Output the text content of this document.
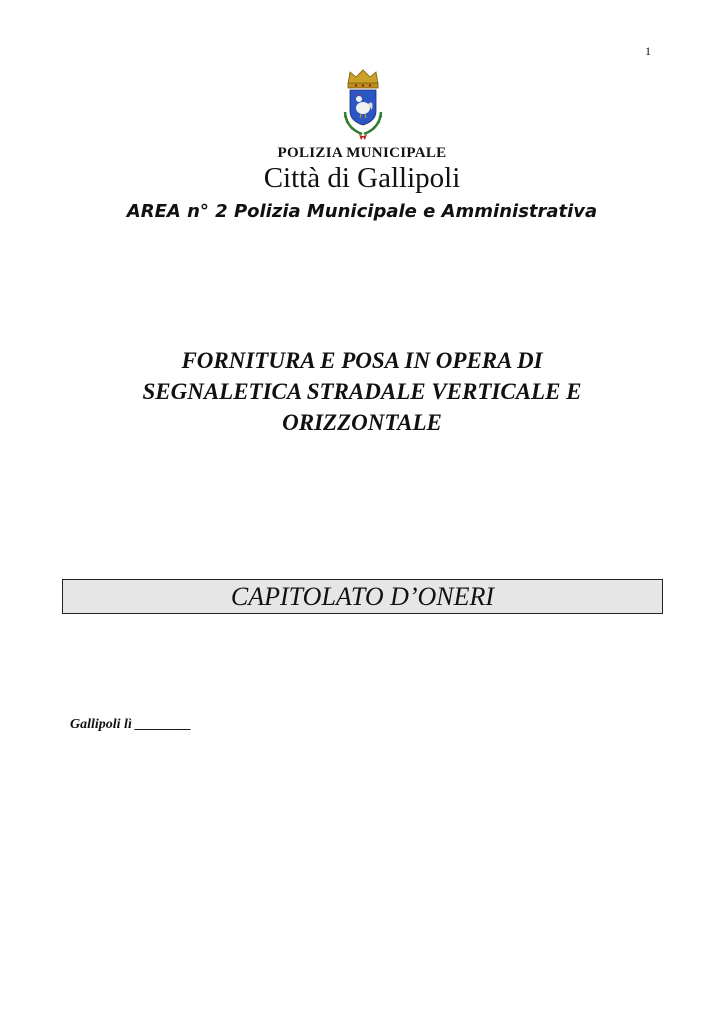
1
POLIZIA MUNICIPALE
Città di Gallipoli
AREA n° 2 Polizia Municipale e Amministrativa
FORNITURA E POSA IN OPERA DI
SEGNALETICA STRADALE VERTICALE E
ORIZZONTALE
CAPITOLATO D’ONERI
Gallipoli lì ________
